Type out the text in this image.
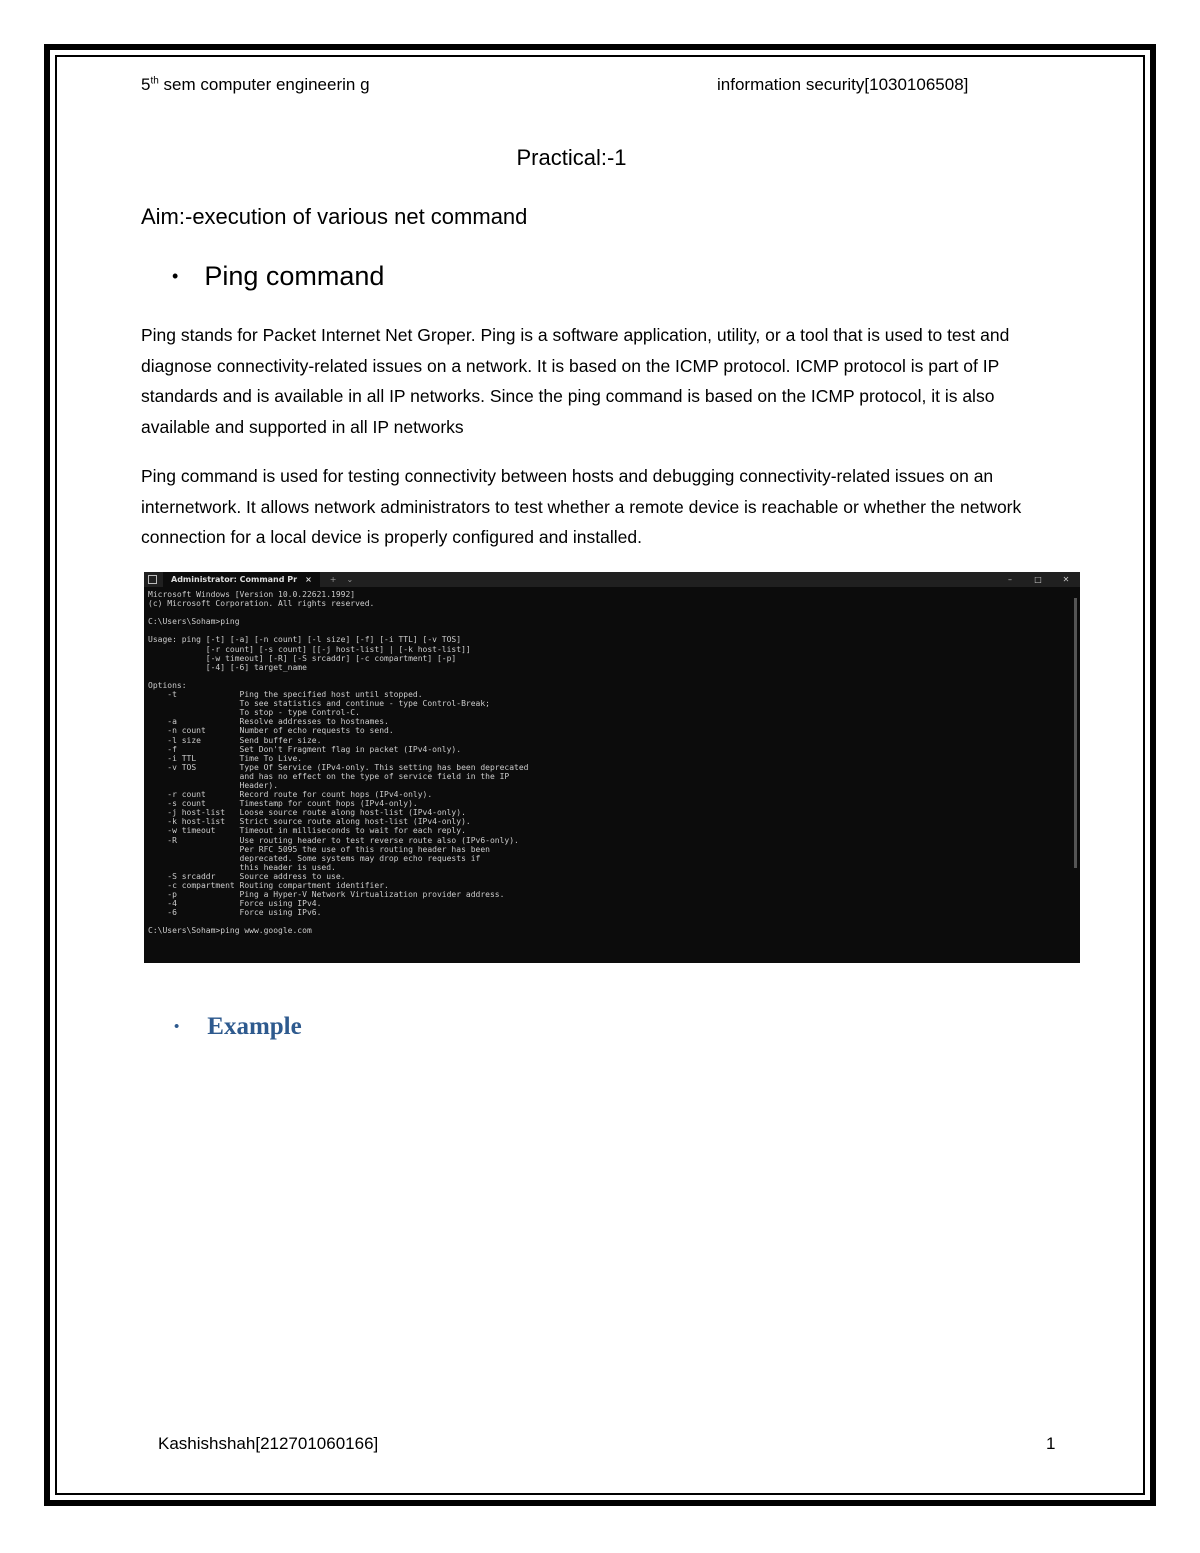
5th sem computer engineerin g	information security[1030106508]
Practical:-1
Aim:-execution of various net command
• Ping command
Ping stands for Packet Internet Net Groper. Ping is a software application, utility, or a tool that is used to test and diagnose connectivity-related issues on a network. It is based on the ICMP protocol. ICMP protocol is part of IP standards and is available in all IP networks. Since the ping command is based on the ICMP protocol, it is also available and supported in all IP networks
Ping command is used for testing connectivity between hosts and debugging connectivity-related issues on an internetwork. It allows network administrators to test whether a remote device is reachable or whether the network connection for a local device is properly configured and installed.
Administrator: Command Pr × + ⌄	–	□	✕
Microsoft Windows [Version 10.0.22621.1992]
(c) Microsoft Corporation. All rights reserved.

C:\Users\Soham>ping

Usage: ping [-t] [-a] [-n count] [-l size] [-f] [-i TTL] [-v TOS]
[-r count] [-s count] [[-j host-list] | [-k host-list]]
[-w timeout] [-R] [-S srcaddr] [-c compartment] [-p]
[-4] [-6] target_name

Options:
-t             Ping the specified host until stopped.
To see statistics and continue - type Control-Break;
To stop - type Control-C.
-a             Resolve addresses to hostnames.
-n count       Number of echo requests to send.
-l size        Send buffer size.
-f             Set Don't Fragment flag in packet (IPv4-only).
-i TTL         Time To Live.
-v TOS         Type Of Service (IPv4-only. This setting has been deprecated
and has no effect on the type of service field in the IP
Header).
-r count       Record route for count hops (IPv4-only).
-s count       Timestamp for count hops (IPv4-only).
-j host-list   Loose source route along host-list (IPv4-only).
-k host-list   Strict source route along host-list (IPv4-only).
-w timeout     Timeout in milliseconds to wait for each reply.
-R             Use routing header to test reverse route also (IPv6-only).
Per RFC 5095 the use of this routing header has been
deprecated. Some systems may drop echo requests if
this header is used.
-S srcaddr     Source address to use.
-c compartment Routing compartment identifier.
-p             Ping a Hyper-V Network Virtualization provider address.
-4             Force using IPv4.
-6             Force using IPv6.

C:\Users\Soham>ping www.google.com
• Example
Kashishshah[212701060166]	1
